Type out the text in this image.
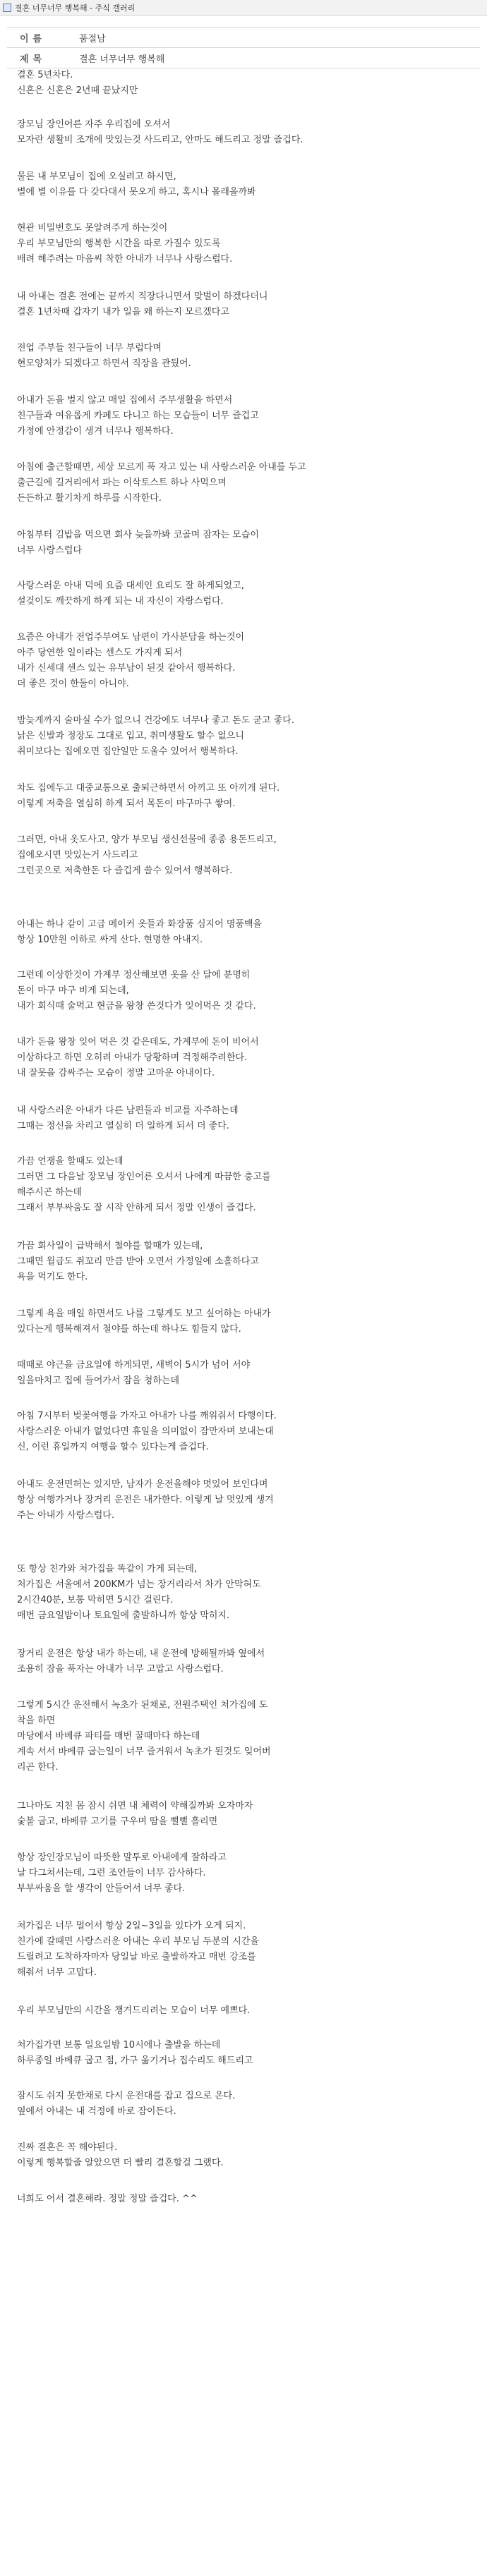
결혼 너무너무 행복해 - 주식 갤러리
이름	품절남
제목	결혼 너무너무 행복해
결혼 5년차다.
신혼은 신혼은 2년때 끝났지만
장모님 장인어른 자주 우리집에 오셔서
모자란 생활비 조개에 맛있는것 사드리고, 안마도 해드리고 정말 즐겁다.
물론 내 부모님이 집에 오실려고 하시면,
별에 별 이유를 다 갖다대서 못오게 하고, 혹시나 몰래올까봐
현관 비밀번호도 못알려주게 하는것이
우리 부모님만의 행복한 시간을 따로 가질수 있도록
배려 해주려는 마음씨 착한 아내가 너무나 사랑스럽다.
내 아내는 결혼 전에는 끝까지 직장다니면서 맞벌이 하겠다더니
결혼 1년차때 갑자기 내가 일을 왜 하는지 모르겠다고
전업 주부들 친구들이 너무 부럽다며
현모양처가 되겠다고 하면서 직장을 관뒀어.
아내가 돈을 벌지 않고 매일 집에서 주부생활을 하면서
친구들과 여유롭게 카페도 다니고 하는 모습들이 너무 즐겁고
가정에 안정감이 생겨 너무나 행복하다.
아침에 출근할때면, 세상 모르게 푹 자고 있는 내 사랑스러운 아내를 두고
출근길에 길거리에서 파는 이삭토스트 하나 사먹으며
든든하고 활기차게 하루를 시작한다.
아침부터 김밥을 먹으면 회사 늦을까봐 코골며 잠자는 모습이
너무 사랑스럽다
사랑스러운 아내 덕에 요즘 대세인 요리도 잘 하게되었고,
설겆이도 깨끗하게 하게 되는 내 자신이 자랑스럽다.
요즘은 아내가 전업주부여도 남편이 가사분담을 하는것이
아주 당연한 일이라는 센스도 가지게 되서
내가 신세대 센스 있는 유부남이 된것 같아서 행복하다.
더 좋은 것이 한둘이 아니야.
밤늦게까지 술마실 수가 없으니 건강에도 너무나 좋고 돈도 굳고 좋다.
낡은 신발과 정장도 그대로 입고, 취미생활도 할수 없으니
취미보다는 집에오면 집안일만 도울수 있어서 행복하다.
차도 집에두고 대중교통으로 출퇴근하면서 아끼고 또 아끼게 된다.
이렇게 저축을 열심히 하게 되서 목돈이 마구마구 쌓여.
그러면, 아내 옷도사고, 양가 부모님 생신선물에 종종 용돈드리고,
집에오시면 맛있는거 사드리고
그런곳으로 저축한돈 다 즐겁게 쓸수 있어서 행복하다.
아내는 하나 같이 고급 메이커 옷들과 화장품 심지어 명품백을
항상 10만원 이하로 싸게 산다. 현명한 아내지.
그런데 이상한것이 가계부 정산해보면 옷을 산 달에 분명히
돈이 마구 마구 비게 되는데,
내가 회식때 술먹고 현금을 왕창 쓴것다가 잊어먹은 것 같다.
내가 돈을 왕창 잊어 먹은 것 같은데도, 가계부에 돈이 비어서
이상하다고 하면 오히려 아내가 당황하며 걱정해주려한다.
내 잘못을 감싸주는 모습이 정말 고마운 아내이다.
내 사랑스러운 아내가 다른 남편들과 비교를 자주하는데
그때는 정신을 차리고 열심히 더 일하게 되서 더 좋다.
가끔 언쟁을 할때도 있는데
그러면 그 다음날 장모님 장인어른 오셔서 나에게 따끔한 충고를
해주시곤 하는데
그래서 부부싸움도 잘 시작 안하게 되서 정말 인생이 즐겁다.
가끔 회사일이 급박해서 철야를 할때가 있는데,
그때면 월급도 쥐꼬리 만큼 받아 오면서 가정일에 소홀하다고
욕을 먹기도 한다.
그렇게 욕을 매일 하면서도 나를 그렇게도 보고 싶어하는 아내가
있다는게 행복해져서 철야를 하는데 하나도 힘들지 않다.
때때로 야근을 금요일에 하게되면, 새벽이 5시가 넘어 서야
일을마치고 집에 들어가서 잠을 청하는데
아침 7시부터 벚꽃여행을 가자고 아내가 나를 깨워줘서 다행이다.
사랑스러운 아내가 없었다면 휴일을 의미없이 잠만자며 보내는대
신, 이런 휴일까지 여행을 할수 있다는게 즐겁다.
아내도 운전면허는 있지만, 남자가 운전을해야 멋있어 보인다며
항상 여행가거나 장거리 운전은 내가한다. 이렇게 날 멋있게 생겨
주는 아내가 사랑스럽다.
또 항상 친가와 처가집을 똑같이 가게 되는데,
처가집은 서울에서 200KM가 넘는 장거리라서 차가 안막혀도
2시간40분, 보통 막히면 5시간 걸린다.
매번 금요일밤이나 토요일에 출발하니까 항상 막히지.
장거리 운전은 항상 내가 하는데, 내 운전에 방해될까봐 옆에서
조용히 잠을 푹자는 아내가 너무 고맙고 사랑스럽다.
그렇게 5시간 운전해서 녹초가 된채로, 전원주택인 처가집에 도
착을 하면
마당에서 바베큐 파티를 매번 꿀때마다 하는데
계속 서서 바베큐 굽는일이 너무 즐거워서 녹초가 된것도 잊어버
리곤 한다.
그나마도 지친 몸 잠시 쉬면 내 체력이 약해질까봐 오자마자
숯불 굽고, 바베큐 고기를 구우며 땀을 뻘뻘 흘리면
항상 장인장모님이 따뜻한 말투로 아내에게 잘하라고
날 다그쳐서는데, 그런 조언들이 너무 감사하다.
부부싸움을 할 생각이 안들어서 너무 좋다.
처가집은 너무 멀어서 항상 2일~3일을 있다가 오게 되지.
친가에 갈때면 사랑스러운 아내는 우리 부모님 두분의 시간을
드릴려고 도착하자마자 당일날 바로 출발하자고 매번 강조를
해줘서 너무 고맙다.
우리 부모님만의 시간을 챙겨드리려는 모습이 너무 예쁘다.
처가집가면 보통 일요일밤 10시에나 출발을 하는데
하루종일 바베큐 굽고 점, 가구 옮기거나 집수리도 해드리고
잠시도 쉬지 못한채로 다시 운전대를 잡고 집으로 온다.
옆에서 아내는 내 걱정에 바로 잠이든다.
진짜 결혼은 꼭 해야된다.
이렇게 행복할줄 알았으면 더 빨리 결혼할걸 그랬다.
너희도 어서 결혼해라. 정말 정말 즐겁다. ^^
